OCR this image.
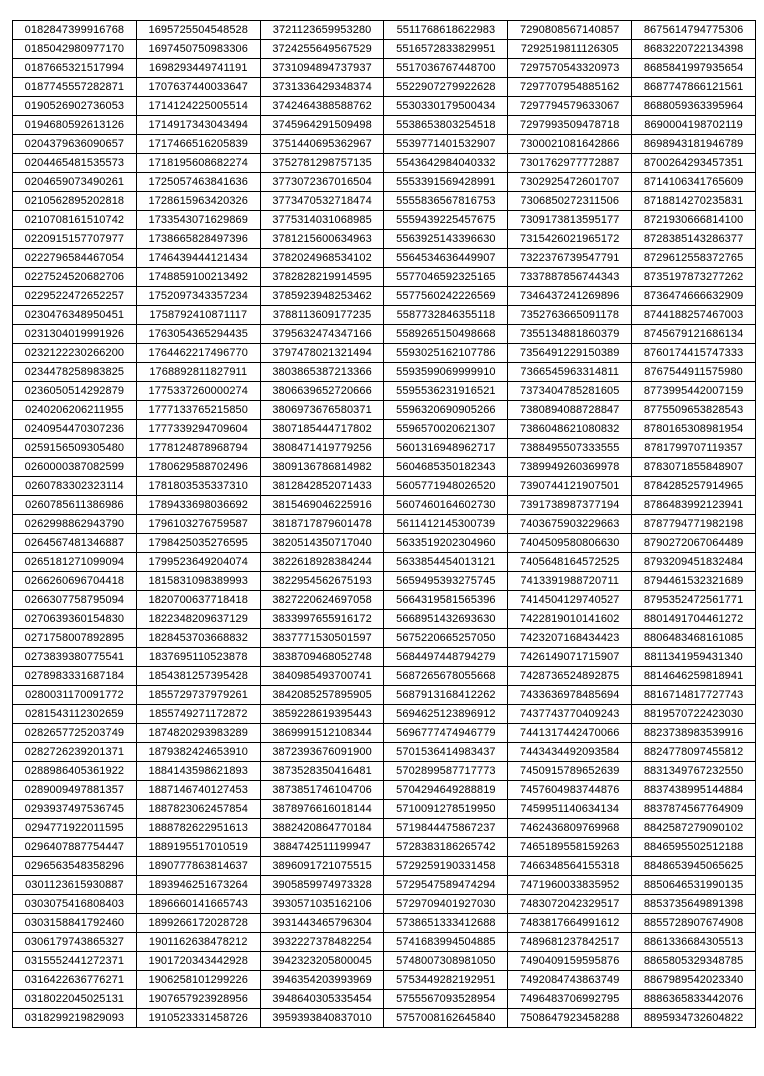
0182847399916768	1695725504548528	3721123659953280	5511768618622983	7290808567140857	8675614794775306
0185042980977170	1697450750983306	3724255649567529	5516572833829951	7292519811126305	8683220722134398
0187665321517994	1698293449741191	3731094894737937	5517036767448700	7297570543320973	8685841997935654
0187745557282871	1707637440033647	3731336429348374	5522907279922628	7297707954885162	8687747866121561
0190526902736053	1714124225005514	3742464388588762	5530330179500434	7297794579633067	8688059363395964
0194680592613126	1714917343043494	3745964291509498	5538653803254518	7297993509478718	8690004198702119
0204379636090657	1717466516205839	3751440695362967	5539771401532907	7300021081642866	8698943181946789
0204465481535573	1718195608682274	3752781298757135	5543642984040332	7301762977772887	8700264293457351
0204659073490261	1725057463841636	3773072367016504	5553391569428991	7302925472601707	8714106341765609
0210562895202818	1728615963420326	3773470532718474	5555836567816753	7306850272311506	8718814270235831
0210708161510742	1733543071629869	3775314031068985	5559439225457675	7309173813595177	8721930666814100
0220915157707977	1738665828497396	3781215600634963	5563925143396630	7315426021965172	8728385143286377
0222796584467054	1746439444121434	3782024968534102	5564534636449907	7322376739547791	8729612558372765
0227524520682706	1748859100213492	3782828219914595	5577046592325165	7337887856744343	8735197873277262
0229522472652257	1752097343357234	3785923948253462	5577560242226569	7346437241269896	8736474666632909
0230476348950451	1758792410871117	3788113609177235	5587732846355118	7352763665091178	8744188257467003
0231304019991926	1763054365294435	3795632474347166	5589265150498668	7355134881860379	8745679121686134
0232122230266200	1764462217496770	3797478021321494	5593025162107786	7356491229150389	8760174415747333
0234478258983825	1768892811827911	3803865387213366	5593599069999910	7366545963314811	8767544911575980
0236050514292879	1775337260000274	3806639652720666	5595536231916521	7373404785281605	8773995442007159
0240206206211955	1777133765215850	3806973676580371	5596320690905266	7380894088728847	8775509653828543
0240954470307236	1777339294709604	3807185444717802	5596570020621307	7386048621080832	8780165308981954
0259156509305480	1778124878968794	3808471419779256	5601316948962717	7388495507333555	8781799707119357
0260000387082599	1780629588702496	3809136786814982	5604685350182343	7389949260369978	8783071855848907
0260783302323114	1781803535337310	3812842852071433	5605771948026520	7390744121907501	8784285257914965
0260785611386986	1789433698036692	3815469046225916	5607460164602730	7391738987377194	8786483992123941
0262998862943790	1796103276759587	3818717879601478	5611412145300739	7403675903229663	8787794771982198
0264567481346887	1798425035276595	3820514350717040	5633519202304960	7404509580806630	8790272067064489
0265181271099094	1799523649204074	3822618928384244	5633854454013121	7405648164572525	8793209451832484
0266260696704418	1815831098389993	3822954562675193	5659495393275745	7413391988720711	8794461532321689
0266307758795094	1820700637718418	3827220624697058	5664319581565396	7414504129740527	8795352472561771
0270639360154830	1822348209637129	3833997655916172	5668951432693630	7422819010141602	8801491704461272
0271758007892895	1828453703668832	3837771530501597	5675220665257050	7423207168434423	8806483468161085
0273839380775541	1837695110523878	3838709468052748	5684497448794279	7426149071715907	8811341959431340
0278983331687184	1854381257395428	3840985493700741	5687265678055668	7428736524892875	8814646259818941
0280031170091772	1855729737979261	3842085257895905	5687913168412262	7433636978485694	8816714817727743
0281543112302659	1855749271172872	3859228619395443	5694625123896912	7437743770409243	8819570722423030
0282657725203749	1874820293983289	3869991512108344	5696777474946779	7441317442470066	8823738983539916
0282726239201371	1879382424653910	3872393676091900	5701536414983437	7443434492093584	8824778097455812
0288986405361922	1884143598621893	3873528350416481	5702899587717773	7450915789652639	8831349767232550
0289009497881357	1887146740127453	3873851746104706	5704294649288819	7457604983744876	8837438995144884
0293937497536745	1887823062457854	3878976616018144	5710091278519950	7459951140634134	8837874567764909
0294771922011595	1888782622951613	3882420864770184	5719844475867237	7462436809769968	8842587279090102
0296407887754447	1889195517010519	3884742511199947	5728383186265742	7465189558159263	8846595502512188
0296563548358296	1890777863814637	3896091721075515	5729259190331458	7466348564155318	8848653945065625
0301123615930887	1893946251673264	3905859974973328	5729547589474294	7471960033835952	8850646531990135
0303075416808403	1896660141665743	3930571035162106	5729709401927030	7483072042329517	8853735649891398
0303158841792460	1899266172028728	3931443465796304	5738651333412688	7483817664991612	8855728907674908
0306179743865327	1901162638478212	3932227378482254	5741683994504885	7489681237842517	8861336684305513
0315552441272371	1901720343442928	3942323205800045	5748007308981050	7490409159595876	8865805329348785
0316422636776271	1906258101299226	3946354203993969	5753449282192951	7492084743863749	8867989542023340
0318022045025131	1907657923928956	3948640305335454	5755567093528954	7496483706992795	8886365833442076
0318299219829093	1910523331458726	3959393840837010	5757008162645840	7508647923458288	8895934732604822
